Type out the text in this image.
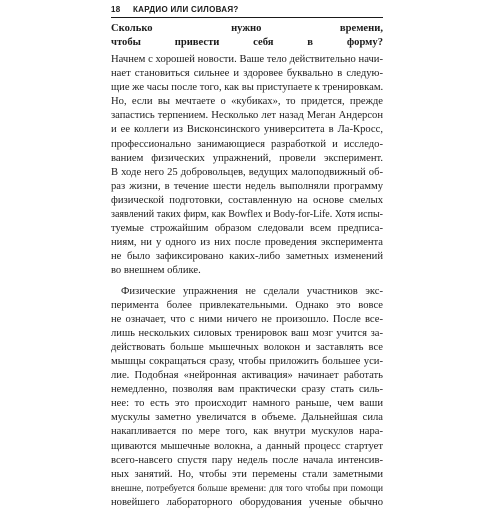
18 КАРДИО ИЛИ СИЛОВАЯ?
Сколько нужно времени,
чтобы привести себя в форму?
Начнем с хорошей новости. Ваше тело действительно начи-
нает становиться сильнее и здоровее буквально в следую-
щие же часы после того, как вы приступаете к тренировкам.
Но, если вы мечтаете о «кубиках», то придется, прежде
запастись терпением. Несколько лет назад Меган Андерсон
и ее коллеги из Висконсинского университета в Ла-Кросс,
профессионально занимающиеся разработкой и исследо-
ванием физических упражнений, провели эксперимент.
В ходе него 25 добровольцев, ведущих малоподвижный об-
раз жизни, в течение шести недель выполняли программу
физической подготовки, составленную на основе смелых
заявлений таких фирм, как Bowflex и Body-for-Life. Хотя испы-
туемые строжайшим образом следовали всем предписа-
ниям, ни у одного из них после проведения эксперимента
не было зафиксировано каких-либо заметных изменений
во внешнем облике.
Физические упражнения не сделали участников экс-
перимента более привлекательными. Однако это вовсе
не означает, что с ними ничего не произошло. После все-
лишь нескольких силовых тренировок ваш мозг учится за-
действовать больше мышечных волокон и заставлять все
мышцы сокращаться сразу, чтобы приложить большее уси-
лие. Подобная «нейронная активация» начинает работать
немедленно, позволяя вам практически сразу стать силь-
нее: то есть это происходит намного раньше, чем ваши
мускулы заметно увеличатся в объеме. Дальнейшая сила
накапливается по мере того, как внутри мускулов нара-
щиваются мышечные волокна, а данный процесс стартует
всего-навсего спустя пару недель после начала интенсив-
ных занятий. Но, чтобы эти перемены стали заметными
внешне, потребуется больше времени: для того чтобы при помощи
новейшего лабораторного оборудования ученые обычно
